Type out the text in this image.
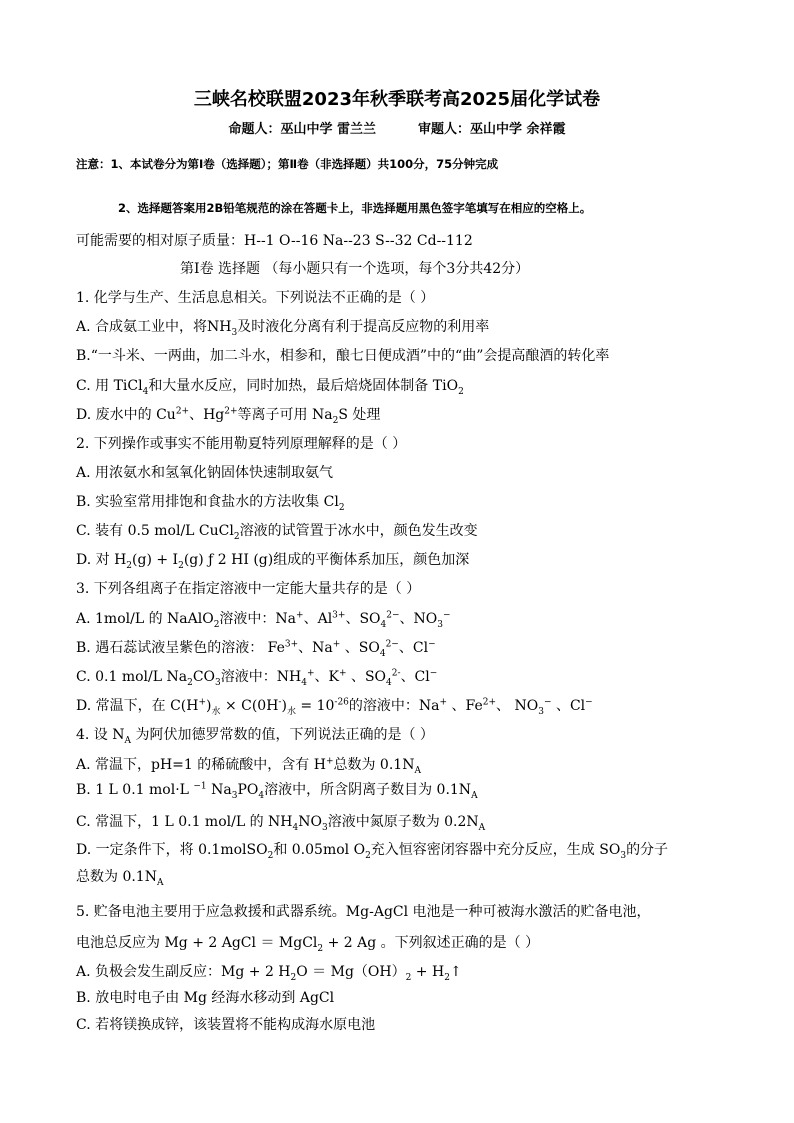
三峡名校联盟2023年秋季联考高2025届化学试卷
命题人：巫山中学 雷兰兰	审题人：巫山中学 余祥霞
注意：1、本试卷分为第Ⅰ卷（选择题）；第Ⅱ卷（非选择题）共100分，75分钟完成
2、选择题答案用2B铅笔规范的涂在答题卡上，非选择题用黑色签字笔填写在相应的空格上。
可能需要的相对原子质量：H--1 O--16 Na--23 S--32 Cd--112
第Ⅰ卷 选择题 （每小题只有一个选项，每个3分共42分）
1. 化学与生产、生活息息相关。下列说法不正确的是（ ）
A. 合成氨工业中，将$NH_3$及时液化分离有利于提高反应物的利用率
B.“一斗米、一两曲，加二斗水，相参和，酿七日便成酒”中的“曲”会提高酿酒的转化率
C. 用 TiCl$_4$和大量水反应，同时加热，最后焙烧固体制备 TiO$_2$
D. 废水中的 $Cu^{2+}$、$Hg^{2+}$等离子可用 $Na_2S$ 处理
2. 下列操作或事实不能用勒夏特列原理解释的是（ ）
A. 用浓氨水和氢氧化钠固体快速制取氨气
B. 实验室常用排饱和食盐水的方法收集 $Cl_2$
C. 装有 0.5 mol/L CuCl$_2$溶液的试管置于冰水中，颜色发生改变
D. 对 $H_2(g) + I_2(g)$ ƒ 2 HI (g)组成的平衡体系加压，颜色加深
3. 下列各组离子在指定溶液中一定能大量共存的是（ ）
A. 1mol/L 的 NaAlO$_2$溶液中：Na+、$Al^{3+}$、$SO_4^{2-}$、$NO_3^-$
B. 遇石蕊试液呈紫色的溶液： $Fe^{3+}$、Na+ 、$SO_4^{2-}$、Cl−
C. 0.1 mol/L $Na_2CO_3$溶液中：$NH_4^+$、K+ 、$SO_4^{2-}$、Cl−
D. 常温下，在 $C(H^+)_水 \times C(0H^-)_水 = 10^{-26}$的溶液中：Na+ 、$Fe^{2+}$、 $NO_3^-$ 、Cl−
4. 设 $N_A$ 为阿伏加德罗常数的值，下列说法正确的是（ ）
A. 常温下，pH=1 的稀硫酸中，含有 H+总数为 $0.1N_A$
B. 1 L 0.1 mol·L $^{-1}$ $Na_3PO_4$溶液中，所含阴离子数目为 $0.1N_A$
C. 常温下，1 L 0.1 mol/L 的 $NH_4NO_3$溶液中氮原子数为 $0.2N_A$
D. 一定条件下，将 0.1molSO$_2$和 0.05mol $O_2$充入恒容密闭容器中充分反应，生成 $SO_3$的分子
总数为 $0.1N_A$
5. 贮备电池主要用于应急救援和武器系统。Mg-AgCl 电池是一种可被海水激活的贮备电池，
电池总反应为 Mg + 2 AgCl ＝ MgCl$_2$ + 2 Ag 。下列叙述正确的是（ ）
A. 负极会发生副反应：Mg + 2 $H_2O = Mg(OH)_2$ + $H_2↑$
B. 放电时电子由 Mg 经海水移动到 AgCl
C. 若将镁换成锌，该装置将不能构成海水原电池
